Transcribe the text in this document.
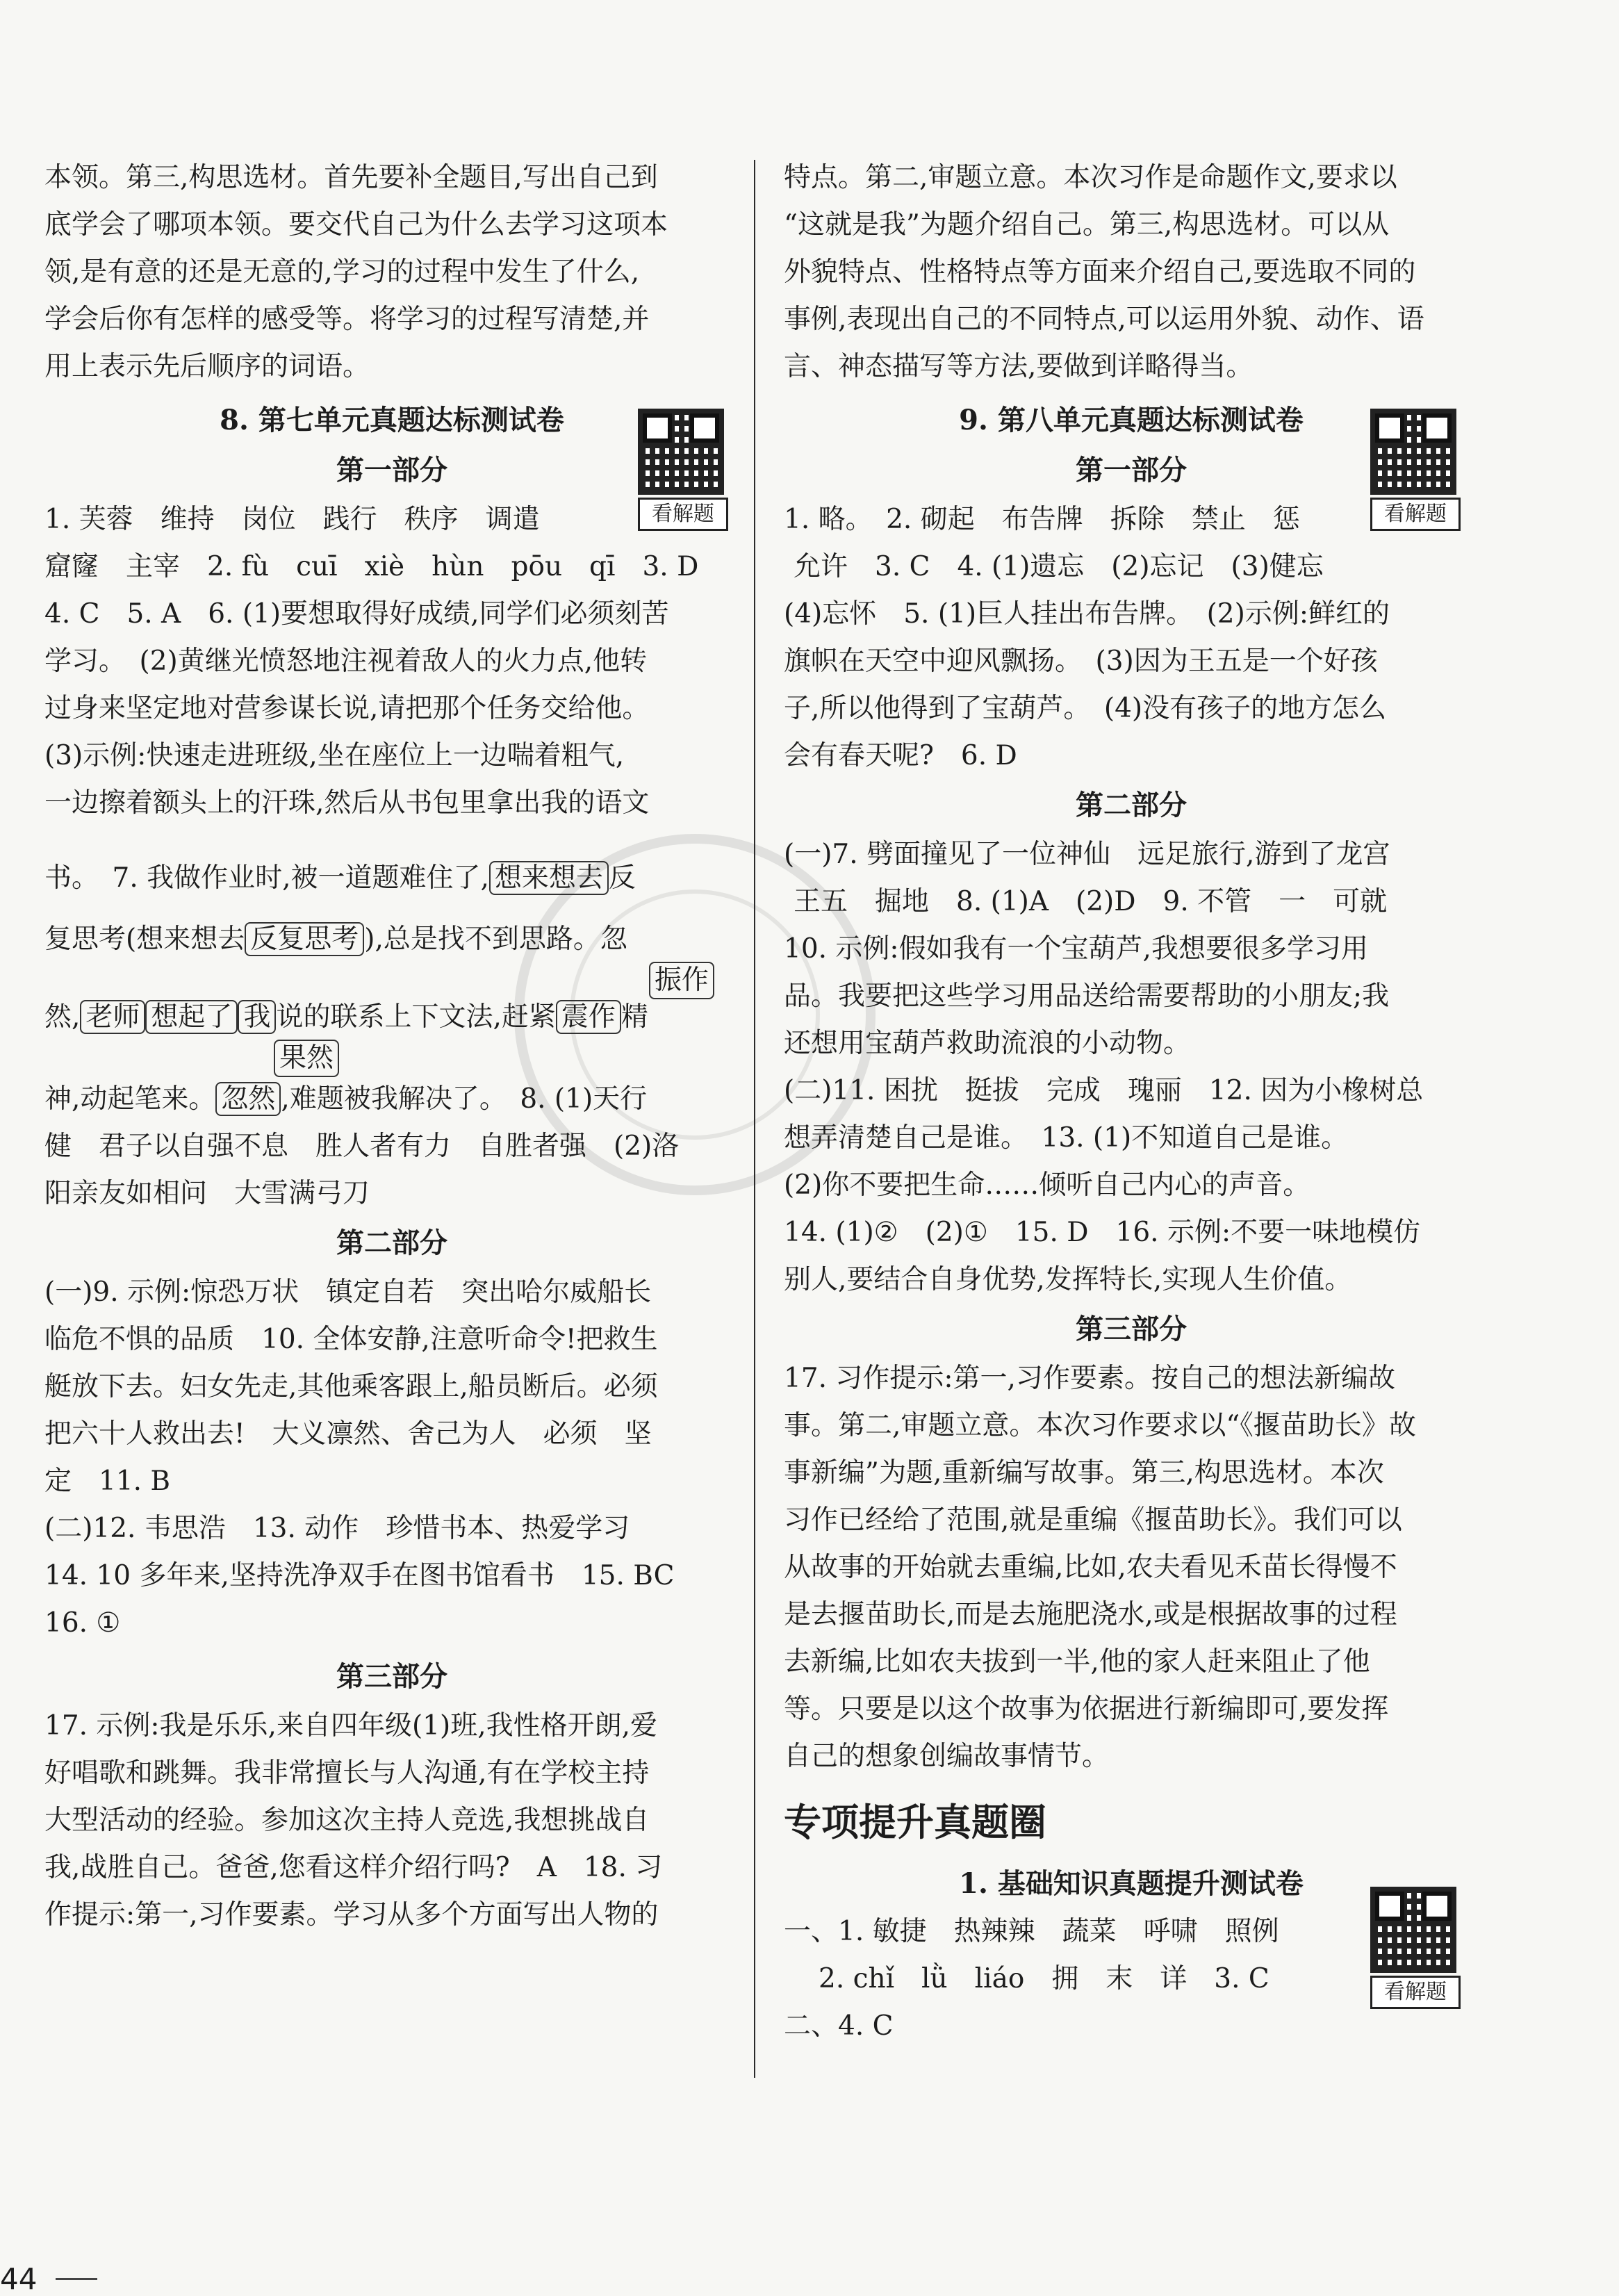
本领。第三,构思选材。首先要补全题目,写出自己到

底学会了哪项本领。要交代自己为什么去学习这项本

领,是有意的还是无意的,学习的过程中发生了什么,

学会后你有怎样的感受等。将学习的过程写清楚,并

用上表示先后顺序的词语。

8. 第七单元真题达标测试卷
第一部分

1. 芙蓉　维持　岗位　践行　秩序　调遣

窟窿　主宰　2. fù　cuī　xiè　hùn　pōu　qī　3. D

4. C　5. A　6. (1)要想取得好成绩,同学们必须刻苦

学习。　(2)黄继光愤怒地注视着敌人的火力点,他转

过身来坚定地对营参谋长说,请把那个任务交给他。

(3)示例:快速走进班级,坐在座位上一边喘着粗气,

一边擦着额头上的汗珠,然后从书包里拿出我的语文

书。　7. 我做作业时,被一道题难住了, 想来想去 反

复思考(想来想去 反复思考 ),总是找不到思路。忽

振作

然, 老师 想起了 我 说的联系上下文法,赶紧 震作 精

果然

神,动起笔来。 忽然 ,难题被我解决了。　8. (1)天行

健　君子以自强不息　胜人者有力　自胜者强　(2)洛

阳亲友如相问　大雪满弓刀

第二部分

(一)9. 示例:惊恐万状　镇定自若　突出哈尔威船长

临危不惧的品质　10. 全体安静,注意听命令!把救生

艇放下去。妇女先走,其他乘客跟上,船员断后。必须

把六十人救出去!　大义凛然、舍己为人　必须　坚

定　11. B

(二)12. 韦思浩　13. 动作　珍惜书本、热爱学习

14. 10 多年来,坚持洗净双手在图书馆看书　15. BC

16. ①

第三部分

17. 示例:我是乐乐,来自四年级(1)班,我性格开朗,爱

好唱歌和跳舞。我非常擅长与人沟通,有在学校主持

大型活动的经验。参加这次主持人竞选,我想挑战自

我,战胜自己。爸爸,您看这样介绍行吗?　A　18. 习

作提示:第一,习作要素。学习从多个方面写出人物的

看解题

特点。第二,审题立意。本次习作是命题作文,要求以

“这就是我”为题介绍自己。第三,构思选材。可以从

外貌特点、性格特点等方面来介绍自己,要选取不同的

事例,表现出自己的不同特点,可以运用外貌、动作、语

言、神态描写等方法,要做到详略得当。

9. 第八单元真题达标测试卷
第一部分

1. 略。　2. 砌起　布告牌　拆除　禁止　惩

允许　3. C　4. (1)遗忘　(2)忘记　(3)健忘

(4)忘怀　5. (1)巨人挂出布告牌。　(2)示例:鲜红的

旗帜在天空中迎风飘扬。　(3)因为王五是一个好孩

子,所以他得到了宝葫芦。　(4)没有孩子的地方怎么

会有春天呢?　6. D

第二部分

(一)7. 劈面撞见了一位神仙　远足旅行,游到了龙宫

王五　掘地　8. (1)A　(2)D　9. 不管　一　可就

10. 示例:假如我有一个宝葫芦,我想要很多学习用

品。我要把这些学习用品送给需要帮助的小朋友;我

还想用宝葫芦救助流浪的小动物。

(二)11. 困扰　挺拔　完成　瑰丽　12. 因为小橡树总

想弄清楚自己是谁。　13. (1)不知道自己是谁。

(2)你不要把生命……倾听自己内心的声音。

14. (1)②　(2)①　15. D　16. 示例:不要一味地模仿

别人,要结合自身优势,发挥特长,实现人生价值。

第三部分

17. 习作提示:第一,习作要素。按自己的想法新编故

事。第二,审题立意。本次习作要求以“《揠苗助长》故

事新编”为题,重新编写故事。第三,构思选材。本次

习作已经给了范围,就是重编《揠苗助长》。我们可以

从故事的开始就去重编,比如,农夫看见禾苗长得慢不

是去揠苗助长,而是去施肥浇水,或是根据故事的过程

去新编,比如农夫拔到一半,他的家人赶来阻止了他

等。只要是以这个故事为依据进行新编即可,要发挥

自己的想象创编故事情节。

专项提升真题圈
1. 基础知识真题提升测试卷

一、1. 敏捷　热辣辣　蔬菜　呼啸　照例

2. chǐ　lǜ　liáo　拥　末　详　3. C

二、4. C

看解题
看解题
44
